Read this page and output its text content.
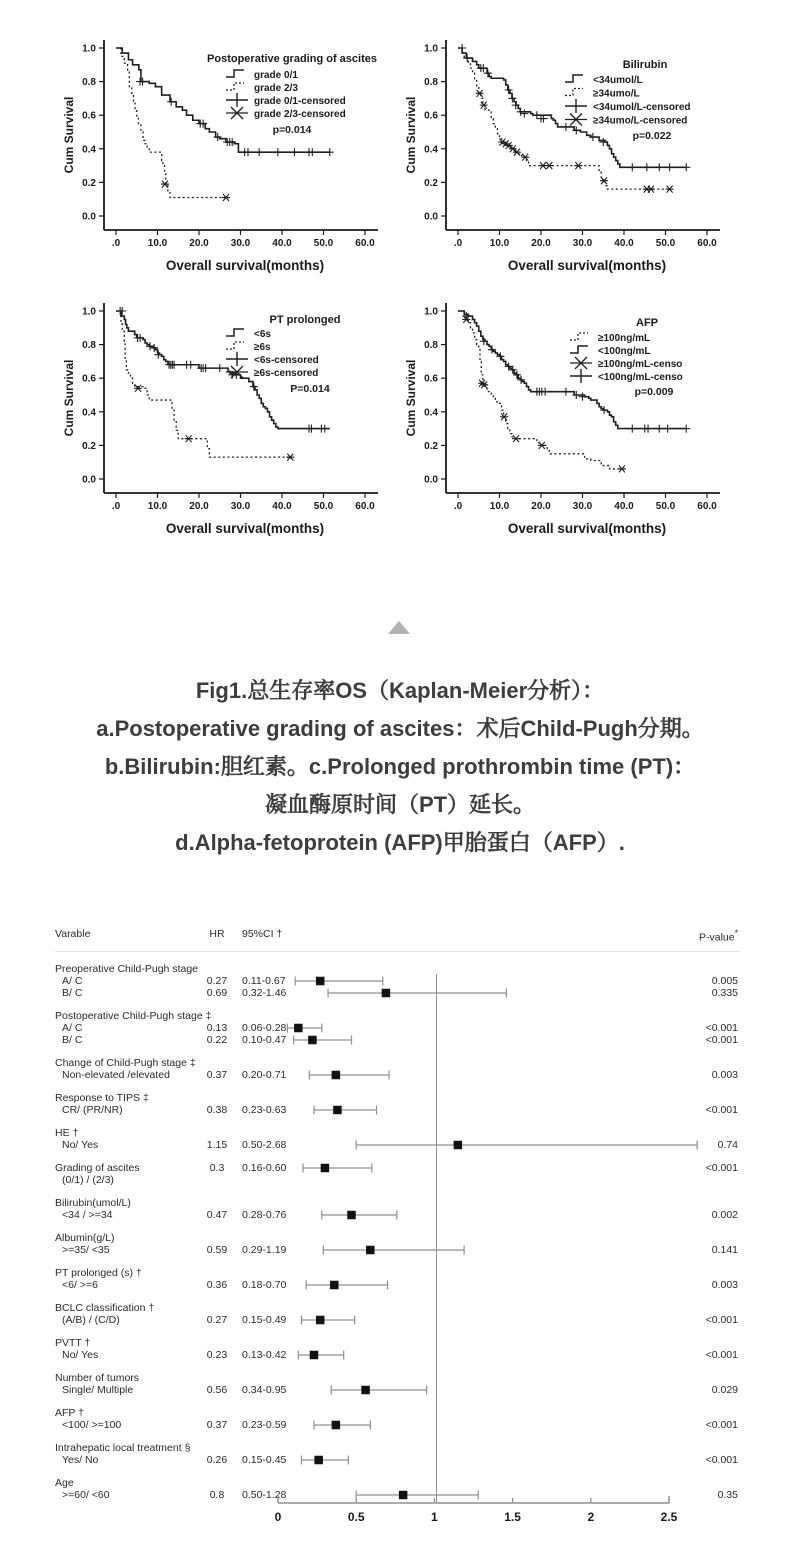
1.0
0.8
0.6
0.4
0.2
0.0
.0	10.0 20.0 30.0 40.0 50.0 60.0
Overall survival(months)
Cum Survival
Postoperative grading of ascites
grade 0/1
grade 2/3
grade 0/1-censored
grade 2/3-censored
p=0.014
1.0
0.8
0.6
0.4
0.2
0.0
.0	10.0 20.0 30.0 40.0 50.0 60.0
Overall survival(months)
Cum Survival
Bilirubin
<34umol/L
≥34umo/L
<34umol/L-censored
≥34umo/L-censored
p=0.022
1.0
0.8
0.6
0.4
0.2
0.0
.0	10.0 20.0 30.0 40.0 50.0 60.0
Overall survival(months)
Cum Survival
PT prolonged
<6s
≥6s
<6s-censored
≥6s-censored
P=0.014
1.0
0.8
0.6
0.4
0.2
0.0
.0	10.0 20.0 30.0 40.0 50.0 60.0
Overall survival(months)
Cum Survival
AFP
≥100ng/mL
<100ng/mL
≥100ng/mL-censo
<100ng/mL-censo
p=0.009
Fig1.总生存率OS（Kaplan-Meier分析）：
a.Postoperative grading of ascites：术后Child-Pugh分期。
b.Bilirubin:胆红素。c.Prolonged prothrombin time (PT)：
凝血酶原时间（PT）延长。
d.Alpha-fetoprotein (AFP)甲胎蛋白（AFP）.
Varable	HR	95%CI †	P-value*
Preoperative Child-Pugh stage
A/ C	0.27	0.11-0.67	0.005
B/ C	0.69	0.32-1.46	0.335
Postoperative Child-Pugh stage ‡
A/ C	0.13	0.06-0.28	<0.001
B/ C	0.22	0.10-0.47	<0.001
Change of Child-Pugh stage ‡
Non-elevated /elevated	0.37	0.20-0.71	0.003
Response to TIPS ‡
CR/ (PR/NR)	0.38	0.23-0.63	<0.001
HE †
No/ Yes	1.15	0.50-2.68	0.74
Grading of ascites	0.3	0.16-0.60	<0.001
(0/1) / (2/3)
Bilirubin(umol/L)
<34 / >=34	0.47	0.28-0.76	0.002
Albumin(g/L)
>=35/ <35	0.59	0.29-1.19	0.141
PT prolonged (s) †
<6/ >=6	0.36	0.18-0.70	0.003
BCLC classification †
(A/B) / (C/D)	0.27	0.15-0.49	<0.001
PVTT †
No/ Yes	0.23	0.13-0.42	<0.001
Number of tumors
Single/ Multiple	0.56	0.34-0.95	0.029
AFP †
<100/ >=100	0.37	0.23-0.59	<0.001
Intrahepatic local treatment §
Yes/ No	0.26	0.15-0.45	<0.001
Age
>=60/ <60	0.8	0.50-1.28	0.35
0	0.5	1	1.5	2	2.5
